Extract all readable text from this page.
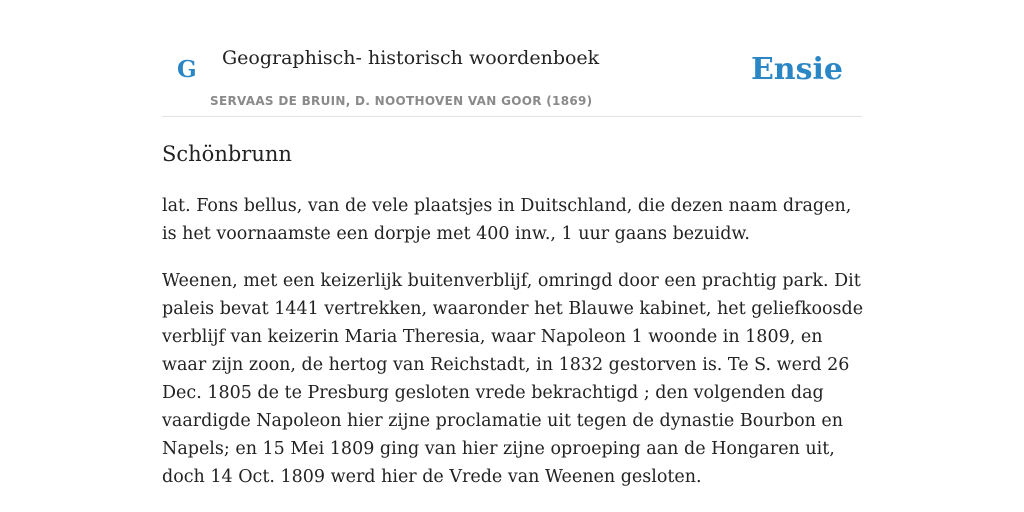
G Geographisch- historisch woordenboek
SERVAAS DE BRUIN, D. NOOTHOVEN VAN GOOR (1869)
Ensie
Schönbrunn

lat. Fons bellus, van de vele plaatsjes in Duitschland, die dezen naam dragen, is het voornaamste een dorpje met 400 inw., 1 uur gaans bezuidw.

Weenen, met een keizerlijk buitenverblijf, omringd door een prachtig park. Dit paleis bevat 1441 vertrekken, waaronder het Blauwe kabinet, het geliefkoosde verblijf van keizerin Maria Theresia, waar Napoleon 1 woonde in 1809, en waar zijn zoon, de hertog van Reichstadt, in 1832 gestorven is. Te S. werd 26 Dec. 1805 de te Presburg gesloten vrede bekrachtigd ; den volgenden dag vaardigde Napoleon hier zijne proclamatie uit tegen de dynastie Bourbon en Napels; en 15 Mei 1809 ging van hier zijne oproeping aan de Hongaren uit, doch 14 Oct. 1809 werd hier de Vrede van Weenen gesloten.
